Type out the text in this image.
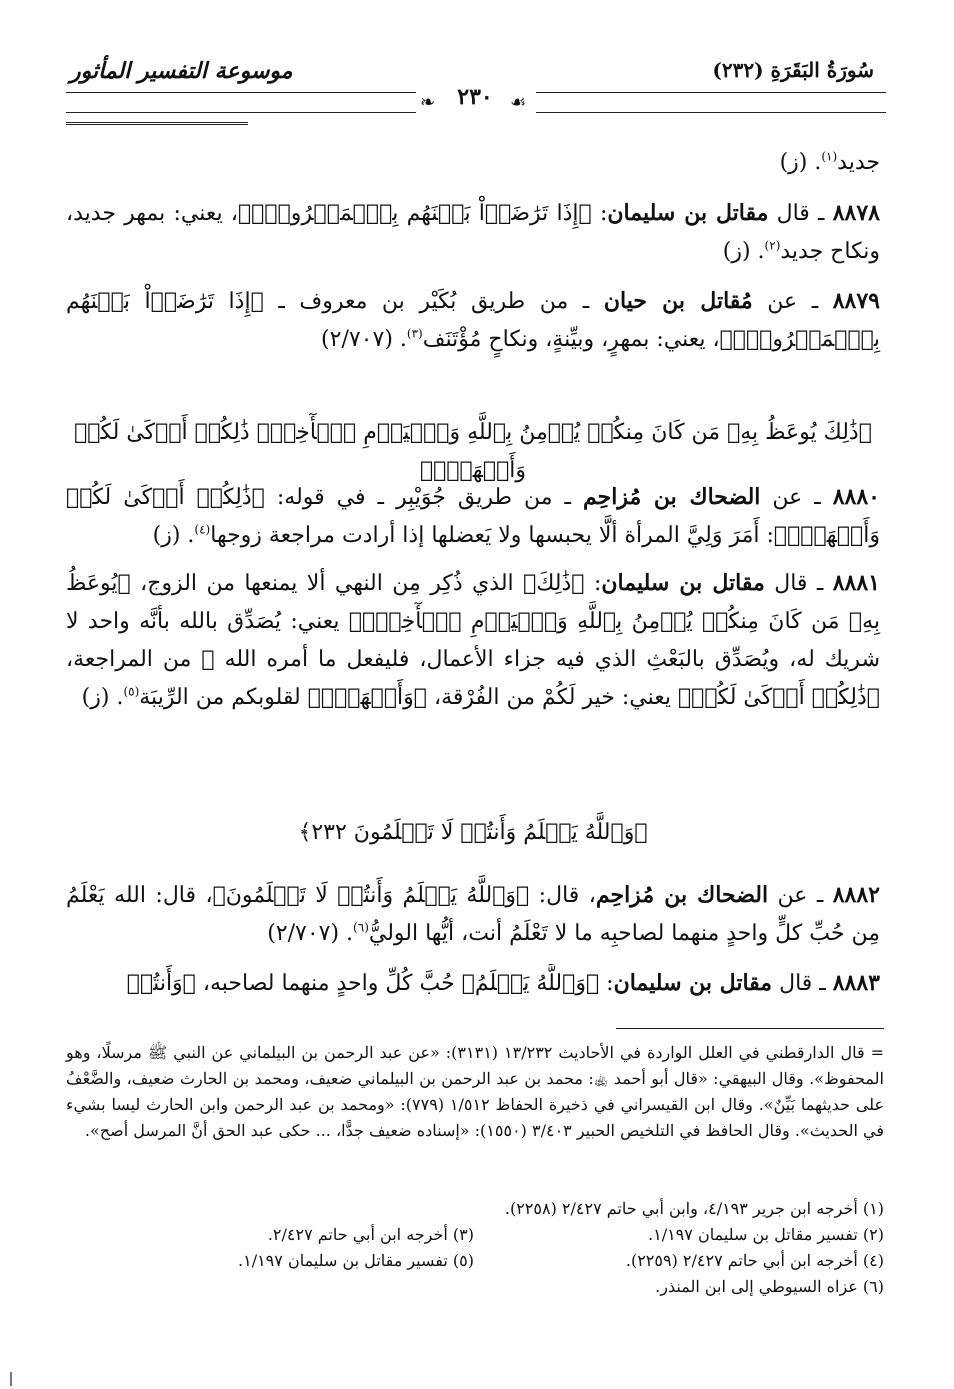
سُورَةُ البَقَرَةِ (٢٣٢)
موسوعة التفسير المأثور
❧	☙
٢٣٠
جديد$^{(١)}$. (ز)
٨٨٧٨ ـ قال مقاتل بن سليمان: ﴿إِذَا تَرَٰضَوۡاْ بَيۡنَهُم بِٱلۡمَعۡرُوفِۗ﴾، يعني: بمهر جديد، ونكاح جديد$^{(٢)}$. (ز)
٨٨٧٩ ـ عن مُقاتل بن حيان ـ من طريق بُكَيْر بن معروف ـ ﴿إِذَا تَرَٰضَوۡاْ بَيۡنَهُم بِٱلۡمَعۡرُوفِۗ﴾، يعني: بمهرٍ، وبيِّنةٍ، ونكاحٍ مُؤْتَنَف$^{(٣)}$. (٢/٧٠٧)
﴿ذَٰلِكَ يُوعَظُ بِهِۦ مَن كَانَ مِنكُمۡ يُؤۡمِنُ بِٱللَّهِ وَٱلۡيَوۡمِ ٱلۡأٓخِرِۗ ذَٰلِكُمۡ أَزۡكَىٰ لَكُمۡ وَأَطۡهَرُۚ﴾
٨٨٨٠ ـ عن الضحاك بن مُزاحِم ـ من طريق جُوَيْبِر ـ في قوله: ﴿ذَٰلِكُمۡ أَزۡكَىٰ لَكُمۡ وَأَطۡهَرُۚ﴾: أَمَرَ وَلِيَّ المرأة ألَّا يحبسها ولا يَعضلها إذا أرادت مراجعة زوجها$^{(٤)}$. (ز)
٨٨٨١ ـ قال مقاتل بن سليمان: ﴿ذَٰلِكَ﴾ الذي ذُكِر مِن النهي ألا يمنعها من الزوج، ﴿يُوعَظُ بِهِۦ مَن كَانَ مِنكُمۡ يُؤۡمِنُ بِٱللَّهِ وَٱلۡيَوۡمِ ٱلۡأٓخِرِۗ﴾ يعني: يُصَدِّق بالله بأنَّه واحد لا شريك له، ويُصَدِّق بالبَعْثِ الذي فيه جزاء الأعمال، فليفعل ما أمره الله ﷻ من المراجعة، ﴿ذَٰلِكُمۡ أَزۡكَىٰ لَكُمۡ﴾ يعني: خير لَكُمْ من الفُرْقة، ﴿وَأَطۡهَرُۚ﴾ لقلوبكم من الرِّيبَة$^{(٥)}$. (ز)
﴿وَٱللَّهُ يَعۡلَمُ وَأَنتُمۡ لَا تَعۡلَمُونَ ٢٣٢﴾
٨٨٨٢ ـ عن الضحاك بن مُزاحِم، قال: ﴿وَٱللَّهُ يَعۡلَمُ وَأَنتُمۡ لَا تَعۡلَمُونَ﴾، قال: الله يَعْلَمُ مِن حُبِّ كلٍّ واحدٍ منهما لصاحبِه ما لا تَعْلَمُ أنت، أيُّها الوليُّ$^{(٦)}$. (٢/٧٠٧)
٨٨٨٣ ـ قال مقاتل بن سليمان: ﴿وَٱللَّهُ يَعۡلَمُ﴾ حُبَّ كُلِّ واحدٍ منهما لصاحبه، ﴿وَأَنتُمۡ
= قال الدارقطني في العلل الواردة في الأحاديث ١٣/٢٣٢ (٣١٣١): «عن عبد الرحمن بن البيلماني عن النبي ﷺ مرسلًا، وهو المحفوظ». وقال البيهقي: «قال أبو أحمد ﵀: محمد بن عبد الرحمن بن البيلماني ضعيف، ومحمد بن الحارث ضعيف، والضَّعْفُ على حديثهما بَيِّنٌ». وقال ابن القيسراني في ذخيرة الحفاظ ١/٥١٢ (٧٧٩): «ومحمد بن عبد الرحمن وابن الحارث ليسا بشيء في الحديث». وقال الحافظ في التلخيص الحبير ٣/٤٠٣ (١٥٥٠): «إسناده ضعيف جدًّا، ... حكى عبد الحق أنَّ المرسل أصح».
(١) أخرجه ابن جرير ٤/١٩٣، وابن أبي حاتم ٢/٤٢٧ (٢٢٥٨).
(٢) تفسير مقاتل بن سليمان ١/١٩٧.
(٣) أخرجه ابن أبي حاتم ٢/٤٢٧.
(٤) أخرجه ابن أبي حاتم ٢/٤٢٧ (٢٢٥٩).
(٥) تفسير مقاتل بن سليمان ١/١٩٧.
(٦) عزاه السيوطي إلى ابن المنذر.
